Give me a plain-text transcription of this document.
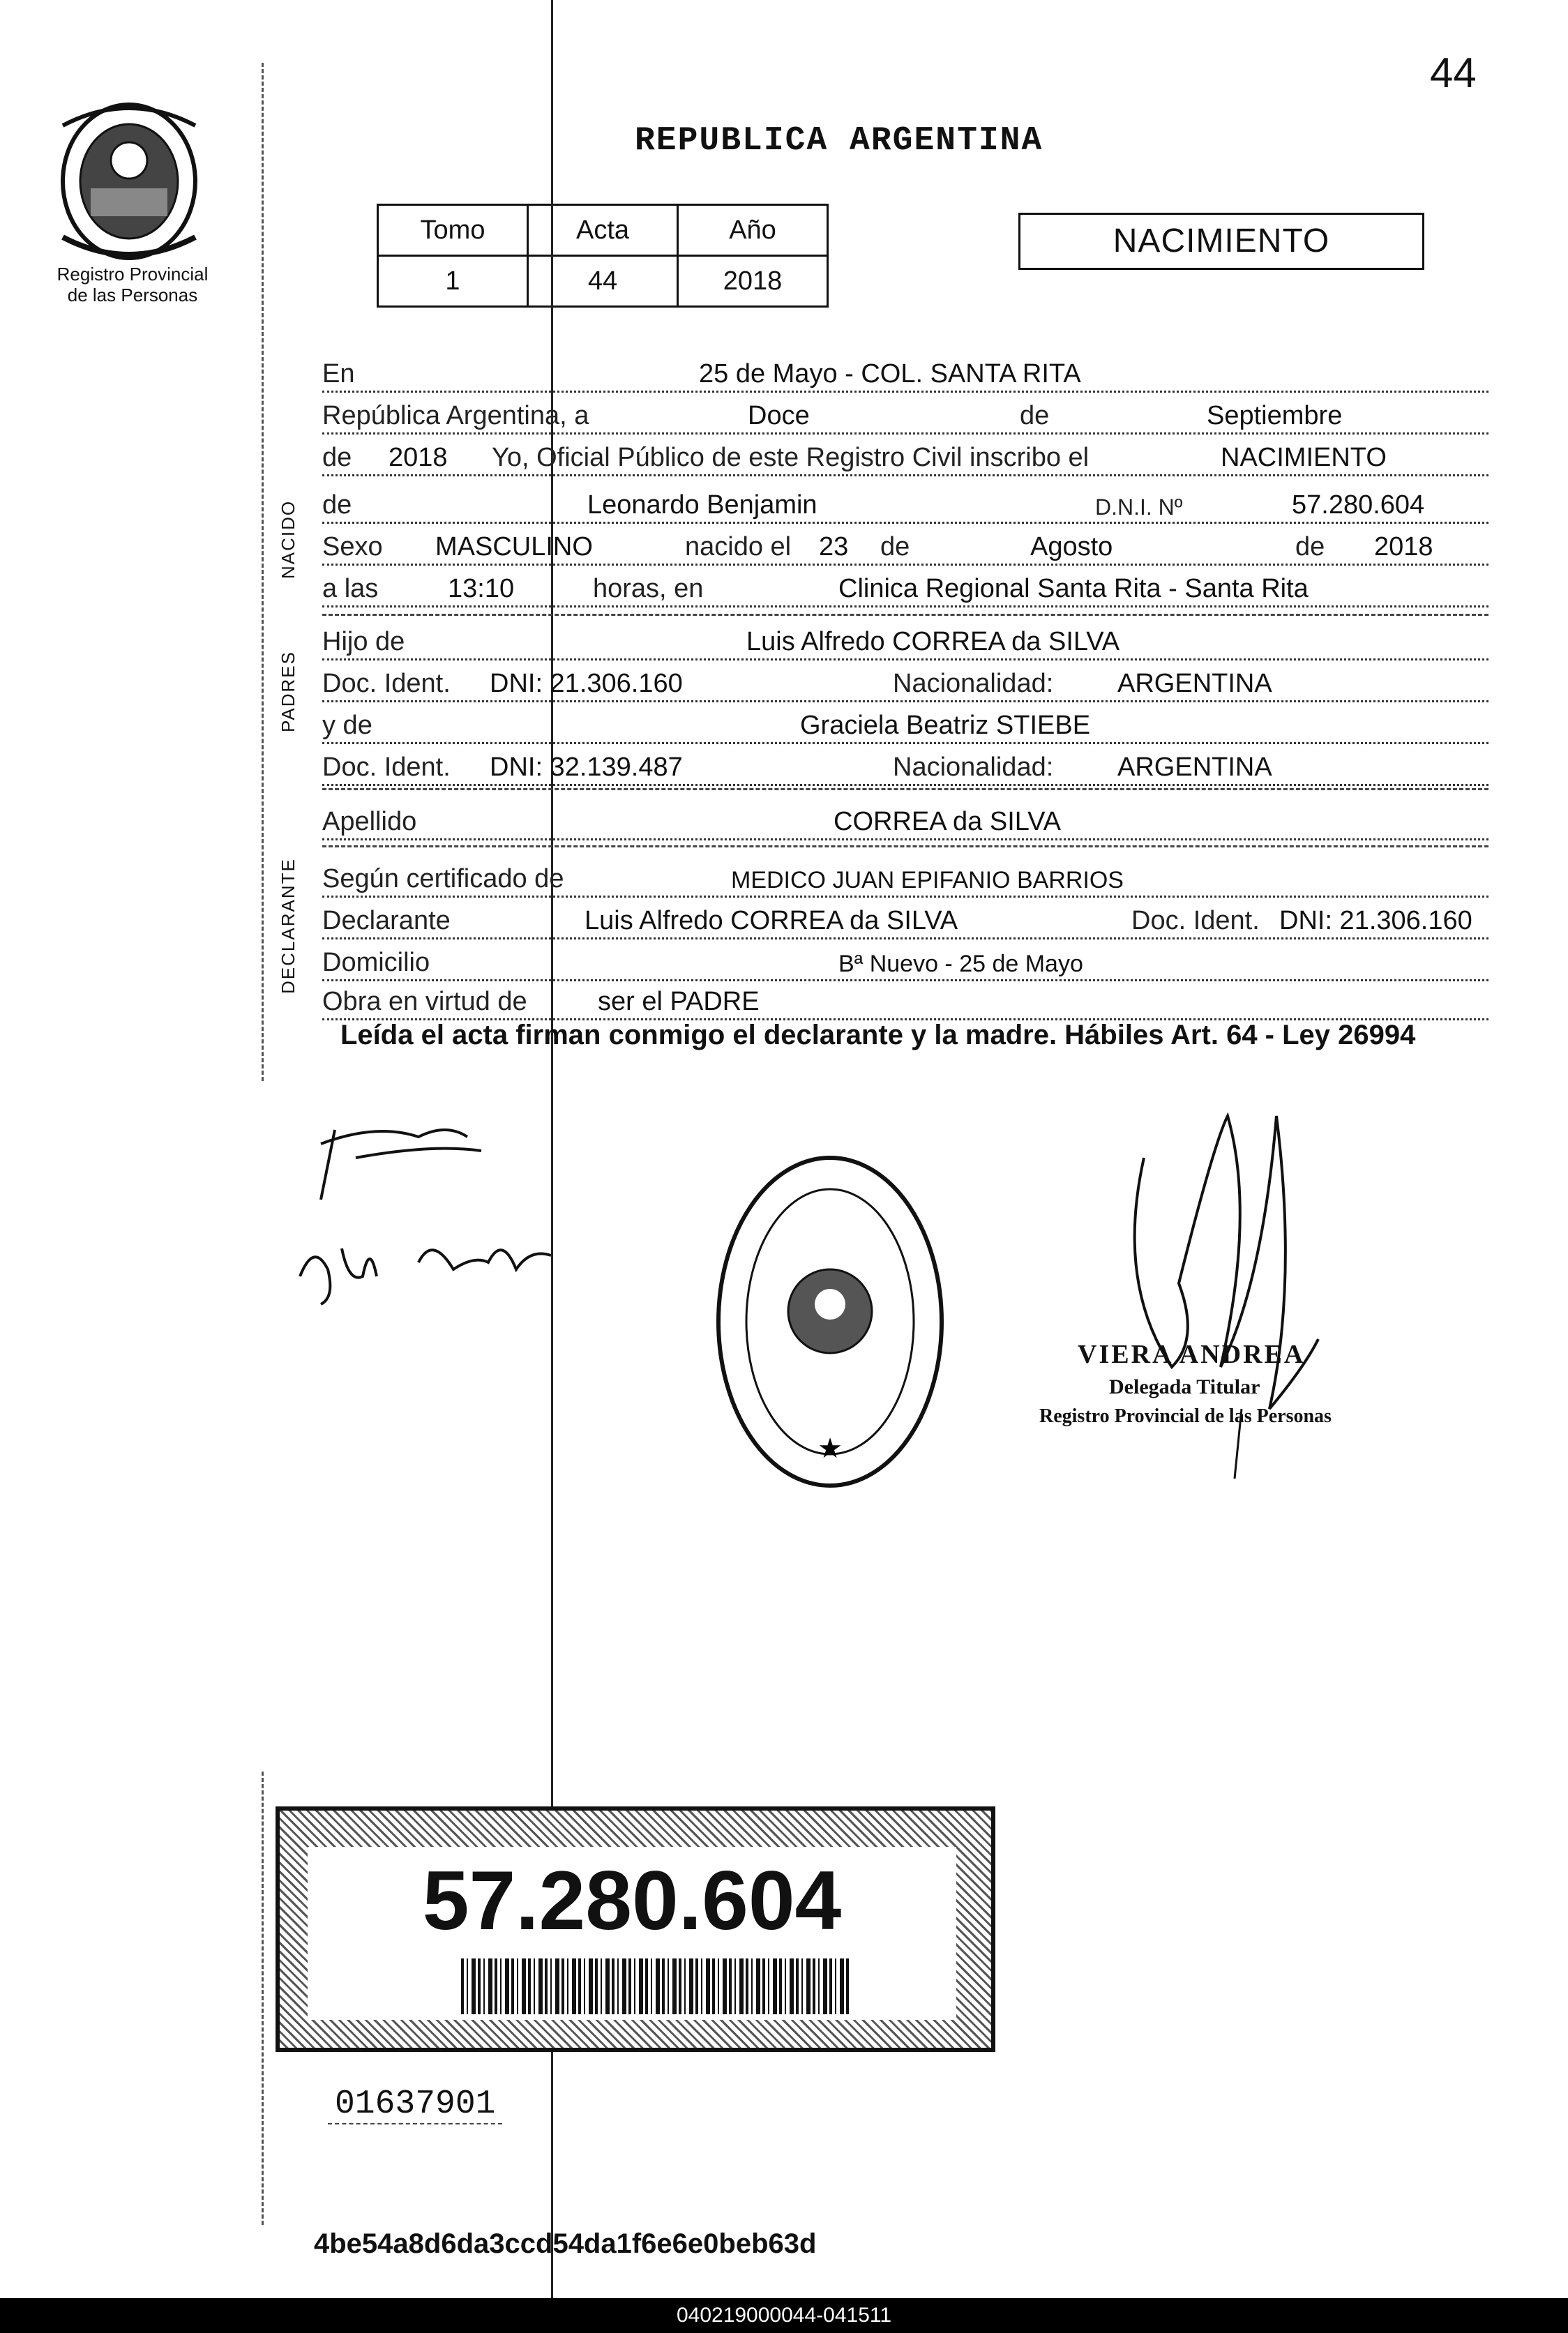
44
Registro Provincial
de las Personas
REPUBLICA ARGENTINA
Tomo	Acta	Año
1	44	2018
NACIMIENTO
NACIDO
PADRES
DECLARANTE
En	25 de Mayo - COL. SANTA RITA
República Argentina, a	Doce	de	Septiembre
de 2018 Yo, Oficial Público de este Registro Civil inscribo el	NACIMIENTO
de	Leonardo Benjamin	D.N.I. Nº	57.280.604
Sexo MASCULINO	nacido el 23 de	Agosto	de 2018
a las	13:10	horas, en	Clinica Regional Santa Rita - Santa Rita
Hijo de	Luis Alfredo CORREA da SILVA
Doc. Ident. DNI: 21.306.160	Nacionalidad: ARGENTINA
y de	Graciela Beatriz STIEBE
Doc. Ident. DNI: 32.139.487	Nacionalidad: ARGENTINA
Apellido	CORREA da SILVA
Según certificado de	MEDICO JUAN EPIFANIO BARRIOS
Declarante	Luis Alfredo CORREA da SILVA	Doc. Ident. DNI: 21.306.160
Domicilio	Bª Nuevo - 25 de Mayo
Obra en virtud de	ser el PADRE
Leída el acta firman conmigo el declarante y la madre. Hábiles Art. 64 - Ley 26994
★
VIERA ANDREA
Delegada Titular
Registro Provincial de las Personas
57.280.604
01637901
4be54a8d6da3ccd54da1f6e6e0beb63d
040219000044-041511
